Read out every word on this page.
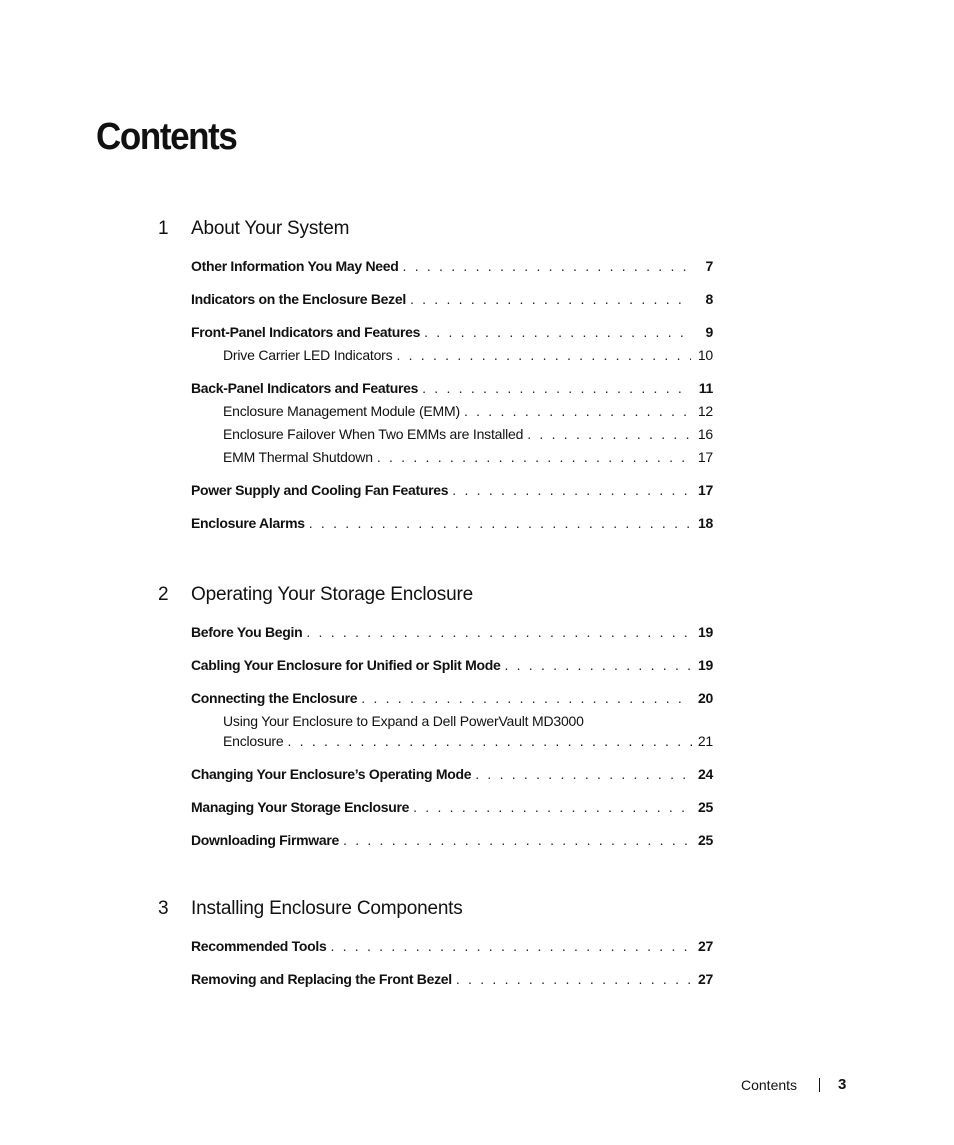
Contents
1 About Your System
Other Information You May Need . . .	7
Indicators on the Enclosure Bezel . . .	8
Front-Panel Indicators and Features . . .	9
Drive Carrier LED Indicators . . .	10
Back-Panel Indicators and Features . . .	11
Enclosure Management Module (EMM) . . .	12
Enclosure Failover When Two EMMs are Installed . . .	16
EMM Thermal Shutdown . . .	17
Power Supply and Cooling Fan Features . . .	17
Enclosure Alarms . . .	18
2 Operating Your Storage Enclosure
Before You Begin . . .	19
Cabling Your Enclosure for Unified or Split Mode . . .	19
Connecting the Enclosure . . .	20
Using Your Enclosure to Expand a Dell PowerVault MD3000
Enclosure . . .	21
Changing Your Enclosure’s Operating Mode . . .	24
Managing Your Storage Enclosure . . .	25
Downloading Firmware . . .	25
3 Installing Enclosure Components
Recommended Tools . . .	27
Removing and Replacing the Front Bezel . . .	27
Contents	3
